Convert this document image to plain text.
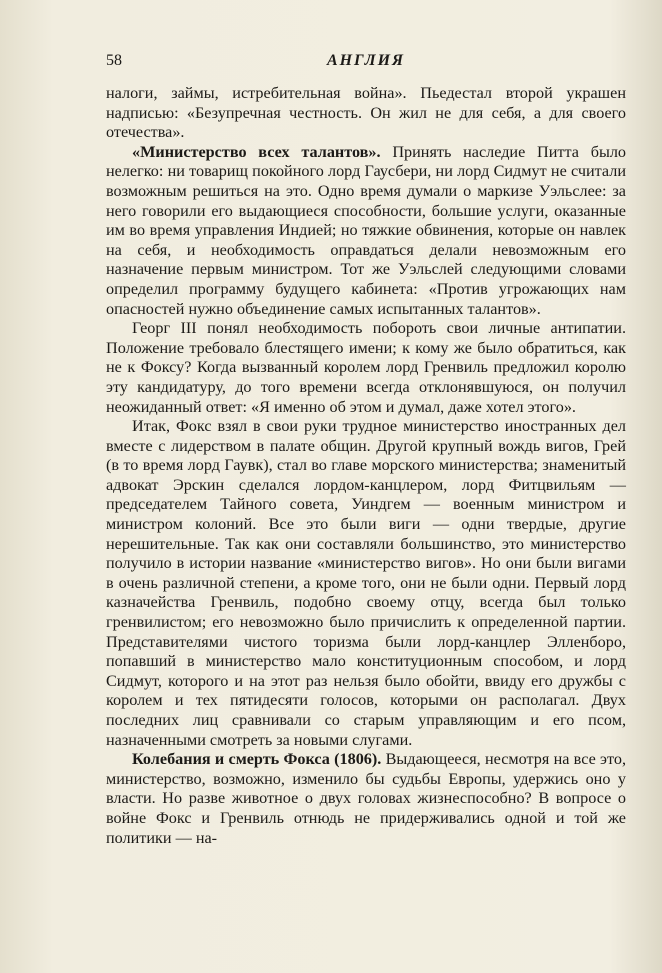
58	АНГЛИЯ

налоги, займы, истребительная война». Пьедестал второй украшен надписью: «Безупречная честность. Он жил не для себя, а для своего отечества».

«Министерство всех талантов». Принять наследие Питта было нелегко: ни товарищ покойного лорд Гаусбери, ни лорд Сидмут не считали возможным решиться на это. Одно время думали о маркизе Уэльслее: за него говорили его выдающиеся способности, большие услуги, оказанные им во время управления Индией; но тяжкие обвинения, которые он навлек на себя, и необходимость оправдаться делали невозможным его назначение первым министром. Тот же Уэльслей следующими словами определил программу будущего кабинета: «Против угрожающих нам опасностей нужно объединение самых испытанных талантов».

Георг III понял необходимость побороть свои личные антипатии. Положение требовало блестящего имени; к кому же было обратиться, как не к Фоксу? Когда вызванный королем лорд Гренвиль предложил королю эту кандидатуру, до того времени всегда отклонявшуюся, он получил неожиданный ответ: «Я именно об этом и думал, даже хотел этого».

Итак, Фокс взял в свои руки трудное министерство иностранных дел вместе с лидерством в палате общин. Другой крупный вождь вигов, Грей (в то время лорд Гаувк), стал во главе морского министерства; знаменитый адвокат Эрскин сделался лордом-канцлером, лорд Фитцвильям — председателем Тайного совета, Уиндгем — военным министром и министром колоний. Все это были виги — одни твердые, другие нерешительные. Так как они составляли большинство, это министерство получило в истории название «министерство вигов». Но они были вигами в очень различной степени, а кроме того, они не были одни. Первый лорд казначейства Гренвиль, подобно своему отцу, всегда был только гренвилистом; его невозможно было причислить к определенной партии. Представителями чистого торизма были лорд-канцлер Элленборо, попавший в министерство мало конституционным способом, и лорд Сидмут, которого и на этот раз нельзя было обойти, ввиду его дружбы с королем и тех пятидесяти голосов, которыми он располагал. Двух последних лиц сравнивали со старым управляющим и его псом, назначенными смотреть за новыми слугами.

Колебания и смерть Фокса (1806). Выдающееся, несмотря на все это, министерство, возможно, изменило бы судьбы Европы, удержись оно у власти. Но разве животное о двух головах жизнеспособно? В вопросе о войне Фокс и Гренвиль отнюдь не придерживались одной и той же политики — на-
